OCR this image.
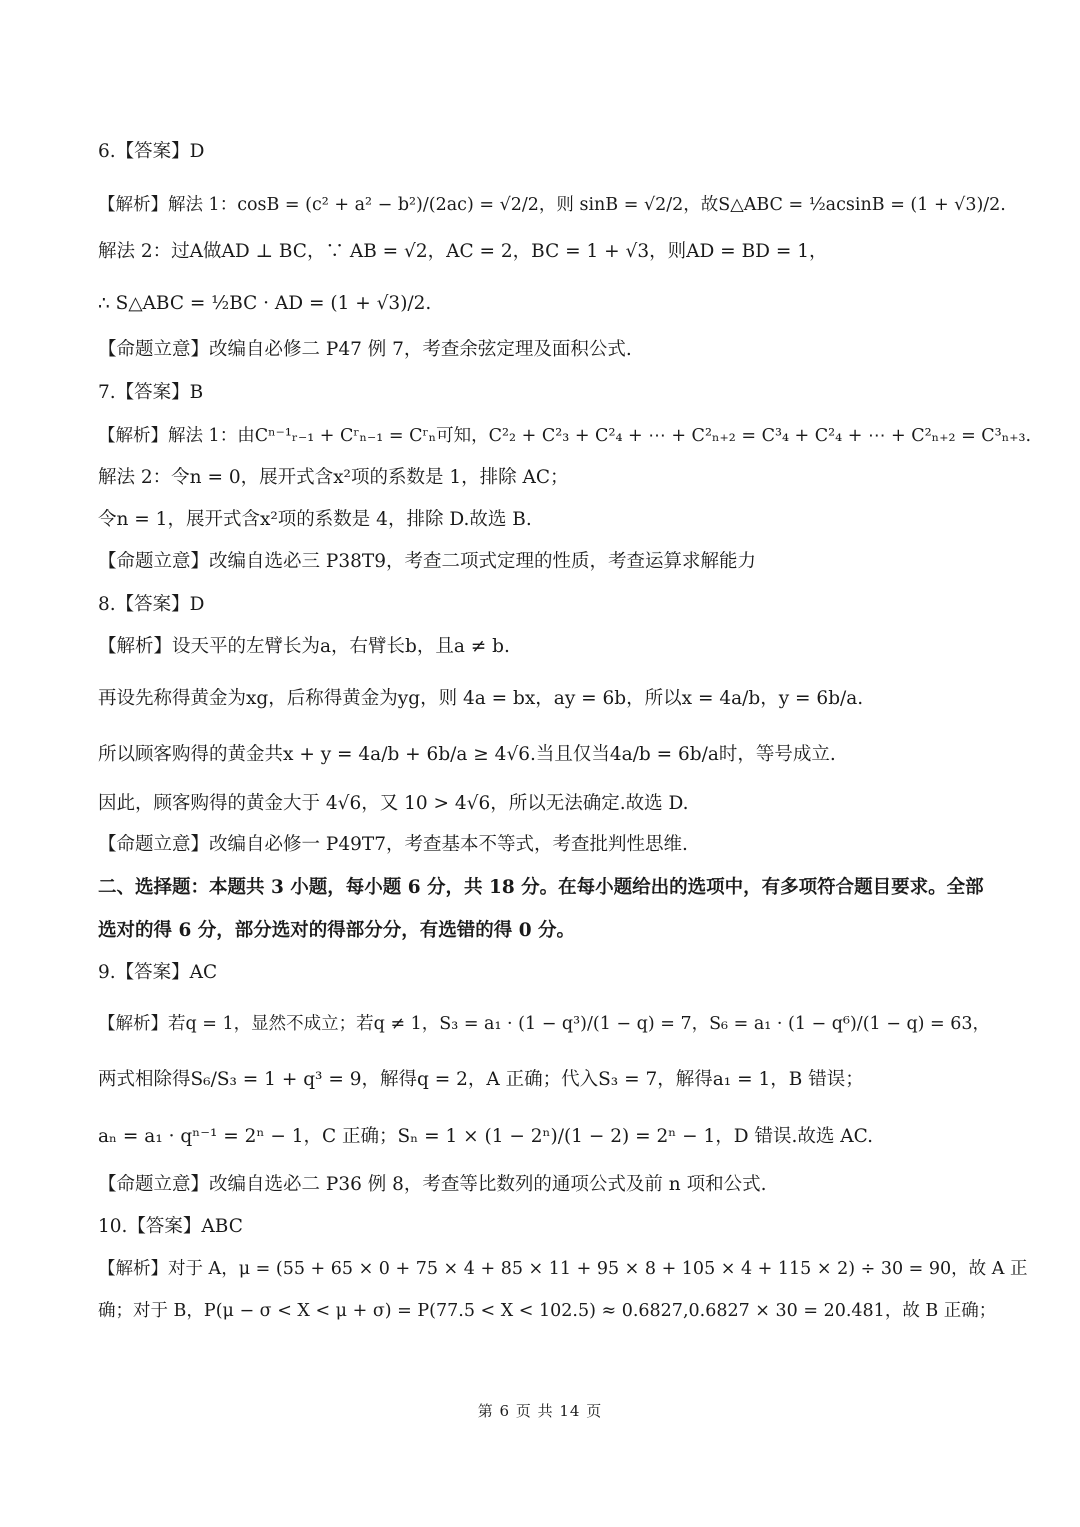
6.【答案】D
【解析】解法 1：cosB = (c² + a² − b²)/(2ac) = √2/2，则 sinB = √2/2，故S△ABC = ½acsinB = (1 + √3)/2.
解法 2：过A做AD ⊥ BC，∵ AB = √2，AC = 2，BC = 1 + √3，则AD = BD = 1，
∴ S△ABC = ½BC · AD = (1 + √3)/2.
【命题立意】改编自必修二 P47 例 7，考查余弦定理及面积公式.
7.【答案】B
【解析】解法 1：由Cⁿ⁻¹ᵣ₋₁ + Cʳₙ₋₁ = Cʳₙ可知，C²₂ + C²₃ + C²₄ + ⋯ + C²ₙ₊₂ = C³₄ + C²₄ + ⋯ + C²ₙ₊₂ = C³ₙ₊₃.
解法 2：令n = 0，展开式含x²项的系数是 1，排除 AC；
令n = 1，展开式含x²项的系数是 4，排除 D.故选 B.
【命题立意】改编自选必三 P38T9，考查二项式定理的性质，考查运算求解能力
8.【答案】D
【解析】设天平的左臂长为a，右臂长b，且a ≠ b.
再设先称得黄金为xg，后称得黄金为yg，则 4a = bx，ay = 6b，所以x = 4a/b，y = 6b/a.
所以顾客购得的黄金共x + y = 4a/b + 6b/a ≥ 4√6.当且仅当4a/b = 6b/a时，等号成立.
因此，顾客购得的黄金大于 4√6，又 10 > 4√6，所以无法确定.故选 D.
【命题立意】改编自必修一 P49T7，考查基本不等式，考查批判性思维.
二、选择题：本题共 3 小题，每小题 6 分，共 18 分。在每小题给出的选项中，有多项符合题目要求。全部
选对的得 6 分，部分选对的得部分分，有选错的得 0 分。
9.【答案】AC
【解析】若q = 1，显然不成立；若q ≠ 1，S₃ = a₁ · (1 − q³)/(1 − q) = 7，S₆ = a₁ · (1 − q⁶)/(1 − q) = 63，
两式相除得S₆/S₃ = 1 + q³ = 9，解得q = 2，A 正确；代入S₃ = 7，解得a₁ = 1，B 错误；
aₙ = a₁ · qⁿ⁻¹ = 2ⁿ − 1，C 正确；Sₙ = 1 × (1 − 2ⁿ)/(1 − 2) = 2ⁿ − 1，D 错误.故选 AC.
【命题立意】改编自选必二 P36 例 8，考查等比数列的通项公式及前 n 项和公式.
10.【答案】ABC
【解析】对于 A，μ = (55 + 65 × 0 + 75 × 4 + 85 × 11 + 95 × 8 + 105 × 4 + 115 × 2) ÷ 30 = 90，故 A 正
确；对于 B，P(μ − σ < X < μ + σ) = P(77.5 < X < 102.5) ≈ 0.6827,0.6827 × 30 = 20.481，故 B 正确；
第 6 页 共 14 页
